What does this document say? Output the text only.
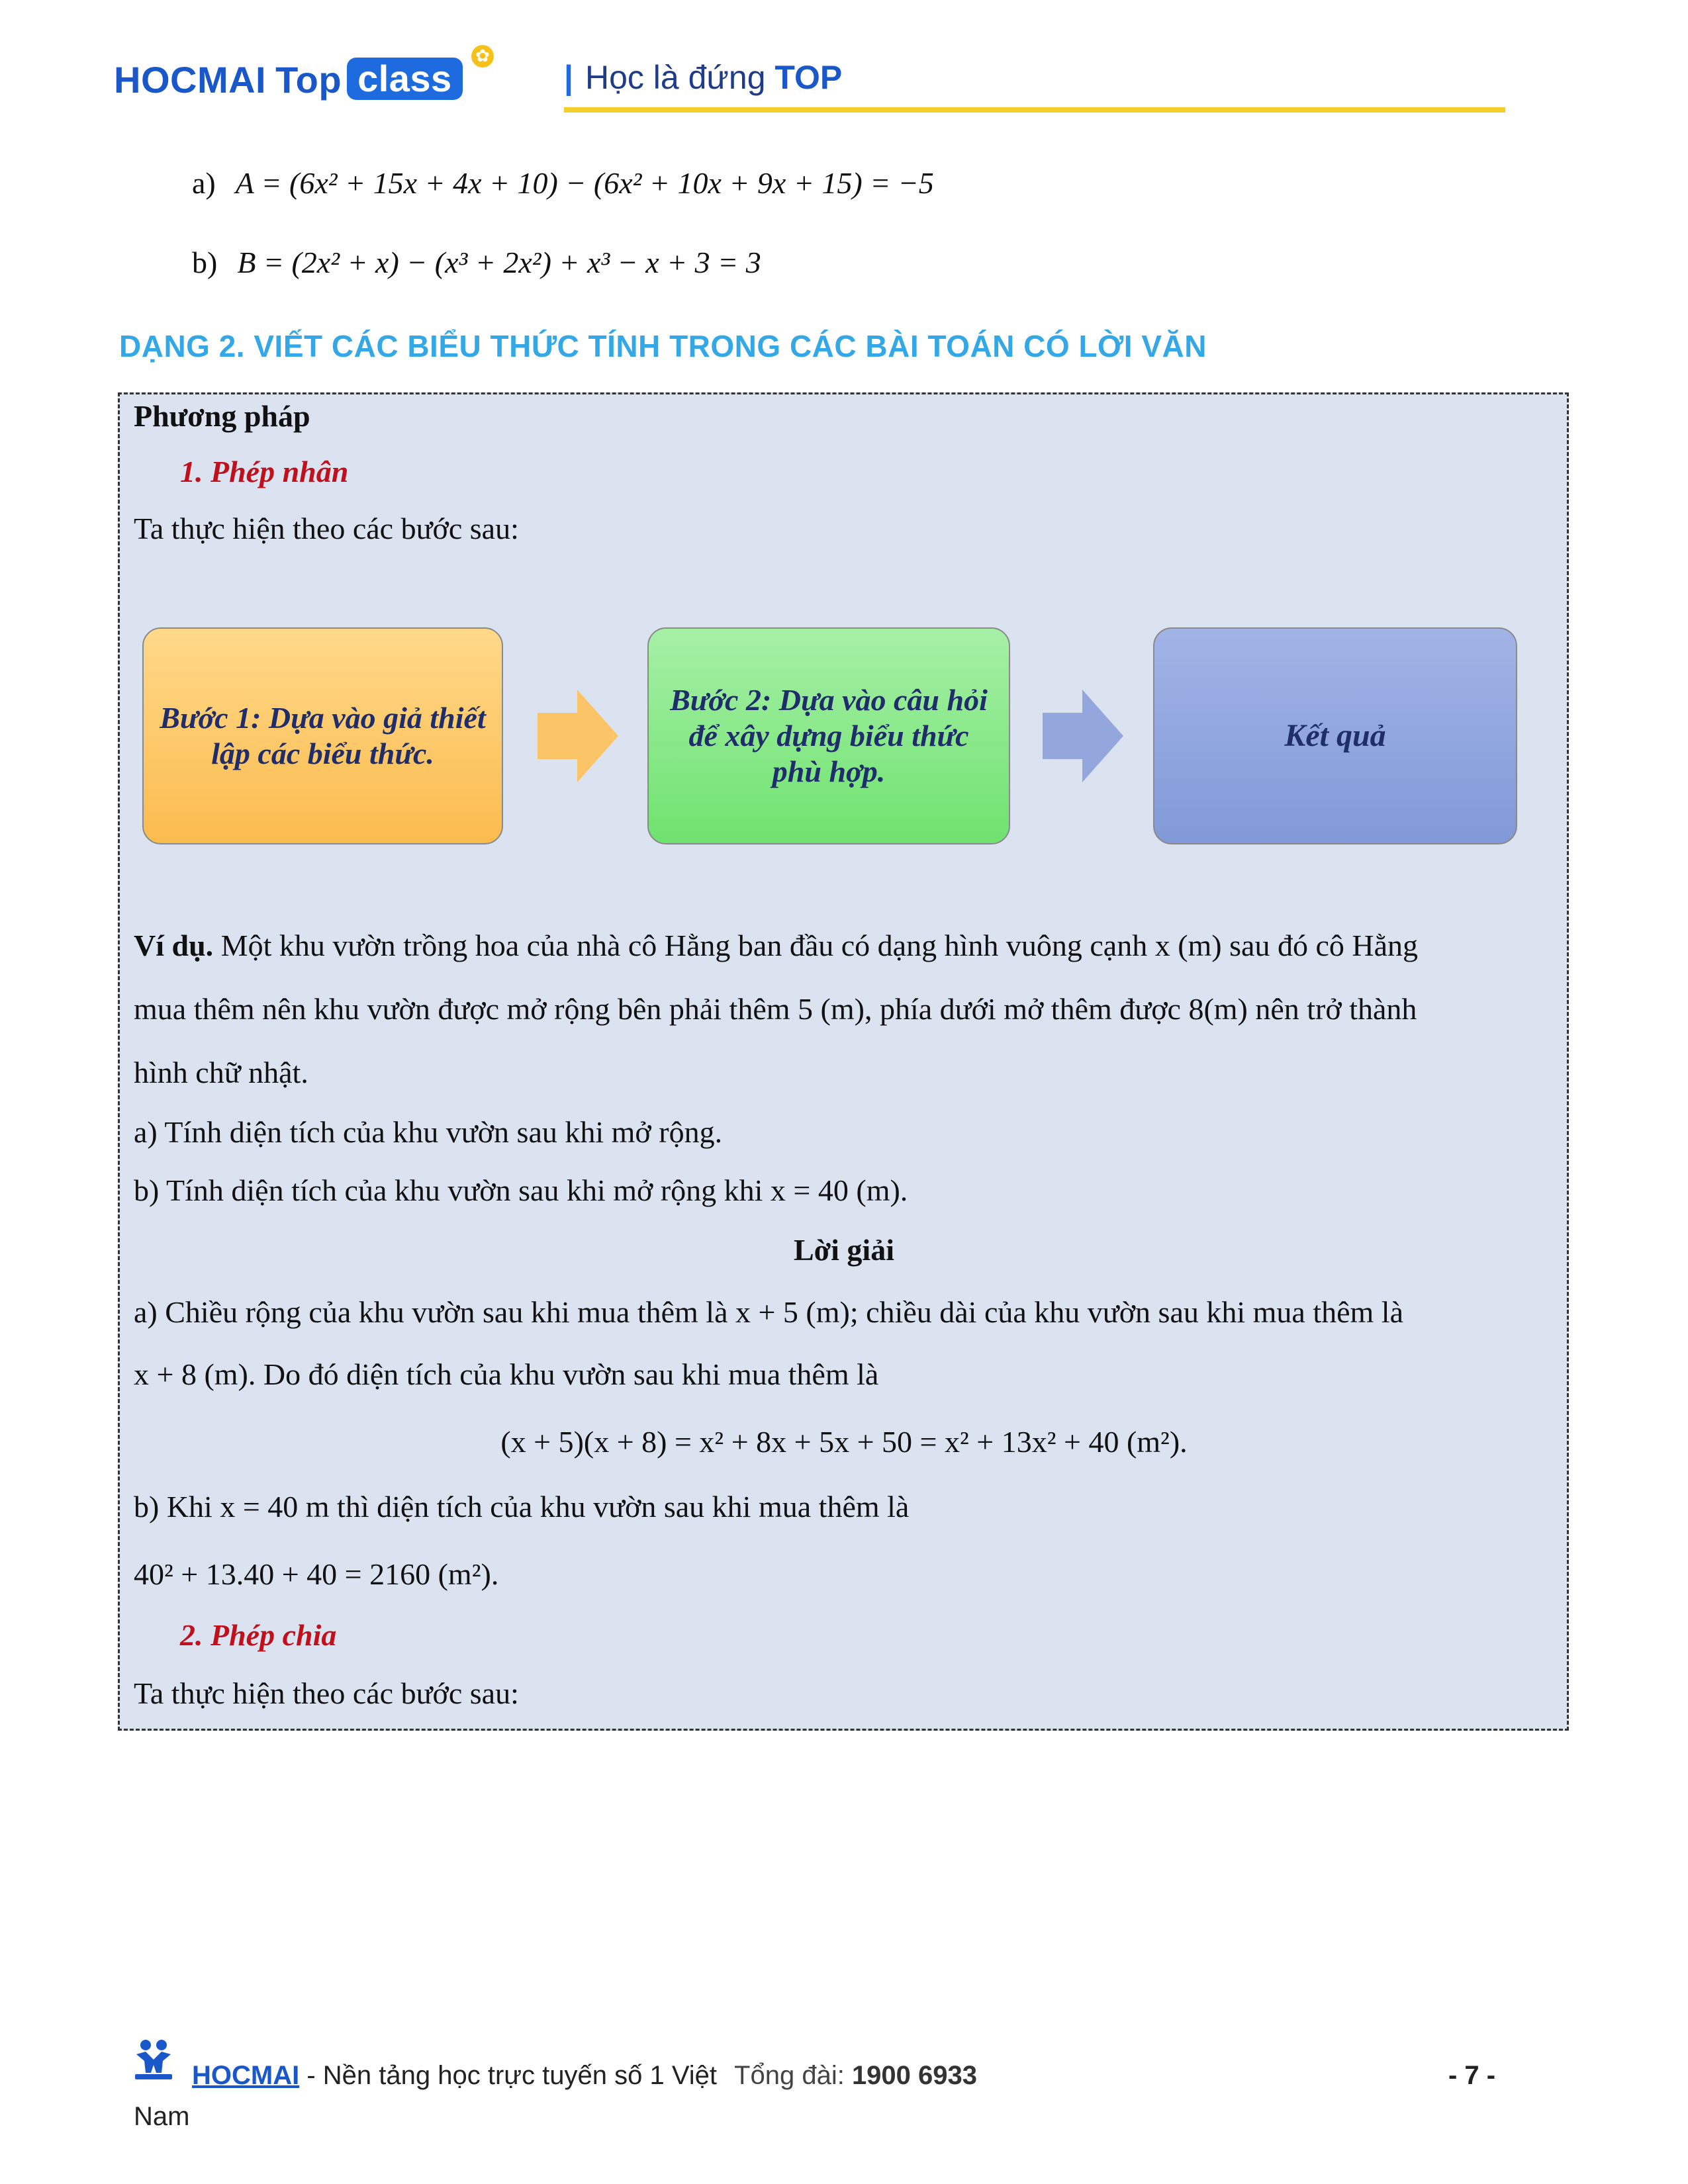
HOCMAI Top class
✿
| Học là đứng TOP
a) A = (6x² + 15x + 4x + 10) − (6x² + 10x + 9x + 15) = −5
b) B = (2x² + x) − (x³ + 2x²) + x³ − x + 3 = 3
DẠNG 2. VIẾT CÁC BIỂU THỨC TÍNH TRONG CÁC BÀI TOÁN CÓ LỜI VĂN
Phương pháp
1. Phép nhân
Ta thực hiện theo các bước sau:
Bước 1: Dựa vào giả thiết lập các biểu thức.
Bước 2: Dựa vào câu hỏi để xây dựng biểu thức phù hợp.
Kết quả
Ví dụ. Một khu vườn trồng hoa của nhà cô Hằng ban đầu có dạng hình vuông cạnh x (m) sau đó cô Hằng
mua thêm nên khu vườn được mở rộng bên phải thêm 5 (m), phía dưới mở thêm được 8(m) nên trở thành
hình chữ nhật.
a) Tính diện tích của khu vườn sau khi mở rộng.
b) Tính diện tích của khu vườn sau khi mở rộng khi x = 40 (m).
Lời giải
a) Chiều rộng của khu vườn sau khi mua thêm là x + 5 (m); chiều dài của khu vườn sau khi mua thêm là
x + 8 (m). Do đó diện tích của khu vườn sau khi mua thêm là
(x + 5)(x + 8) = x² + 8x + 5x + 50 = x² + 13x² + 40 (m²).
b) Khi x = 40 m thì diện tích của khu vườn sau khi mua thêm là
40² + 13.40 + 40 = 2160 (m²).
2. Phép chia
Ta thực hiện theo các bước sau:
HOCMAI - Nền tảng học trực tuyến số 1 Việt Tổng đài: 1900 6933	- 7 -
Nam
